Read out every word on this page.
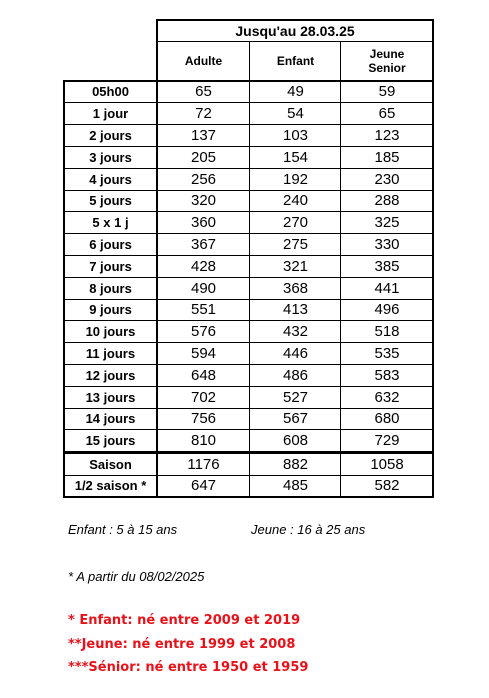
Jusqu'au 28.03.25
Adulte	Enfant	Jeune
Senior
05h00	65	49	59
1 jour	72	54	65
2 jours	137	103	123
3 jours	205	154	185
4 jours	256	192	230
5 jours	320	240	288
5 x 1 j	360	270	325
6 jours	367	275	330
7 jours	428	321	385
8 jours	490	368	441
9 jours	551	413	496
10 jours	576	432	518
11 jours	594	446	535
12 jours	648	486	583
13 jours	702	527	632
14 jours	756	567	680
15 jours	810	608	729
Saison	1176	882	1058
1/2 saison *	647	485	582
Enfant : 5 à 15 ans	Jeune : 16 à 25 ans
* A partir du 08/02/2025
* Enfant: né entre 2009 et 2019
**Jeune: né entre 1999 et 2008
***Sénior: né entre 1950 et 1959
